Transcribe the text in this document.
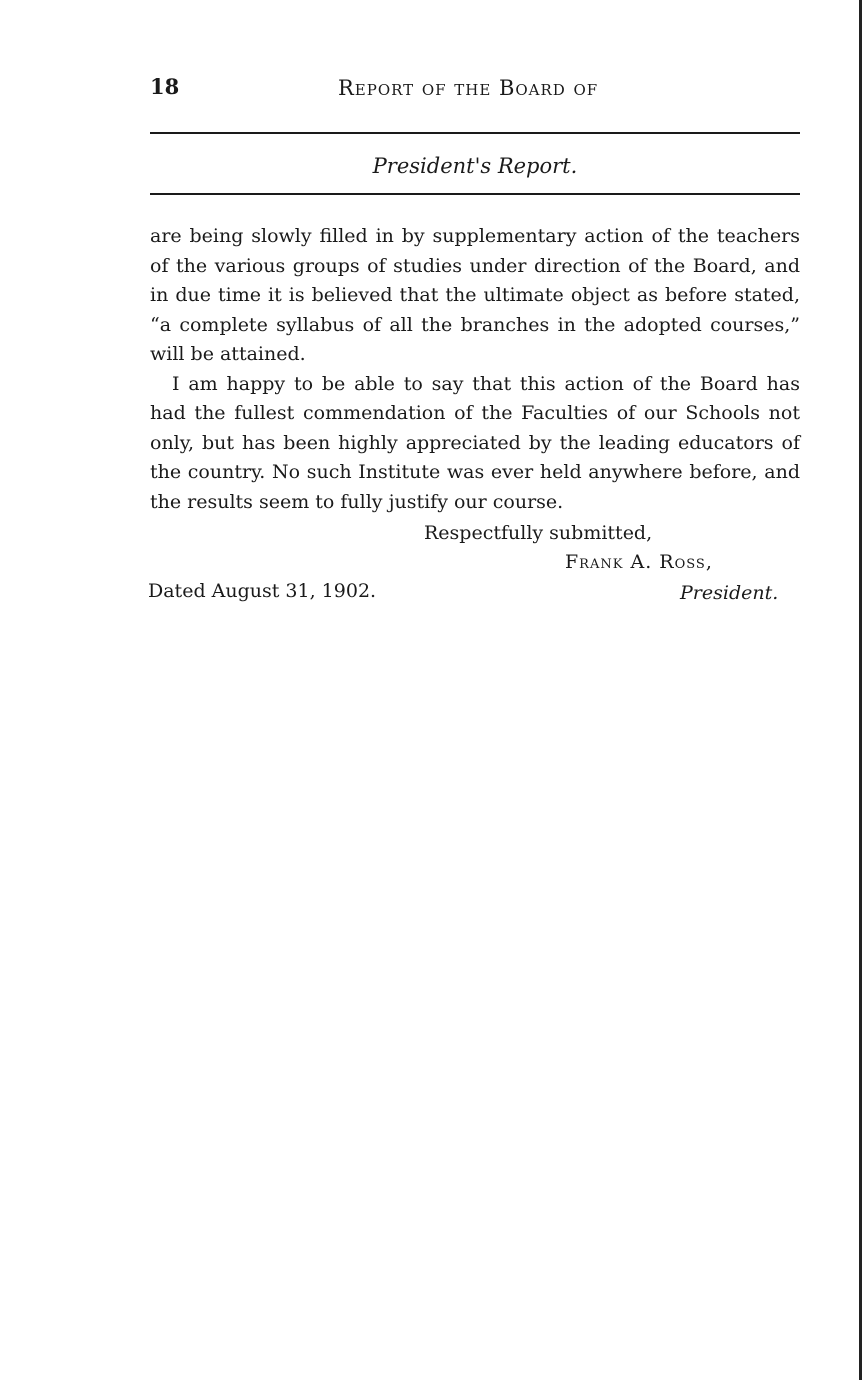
18	Report of the Board of
President's Report.

are being slowly filled in by supplementary action of the teachers of the various groups of studies under direction of the Board, and in due time it is believed that the ultimate object as before stated, “a complete syllabus of all the branches in the adopted courses,” will be attained.

I am happy to be able to say that this action of the Board has had the fullest commendation of the Faculties of our Schools not only, but has been highly appreciated by the leading educators of the country. No such Institute was ever held anywhere before, and the results seem to fully justify our course.

Respectfully submitted,
Frank A. Ross,
Dated August 31, 1902.	President.
